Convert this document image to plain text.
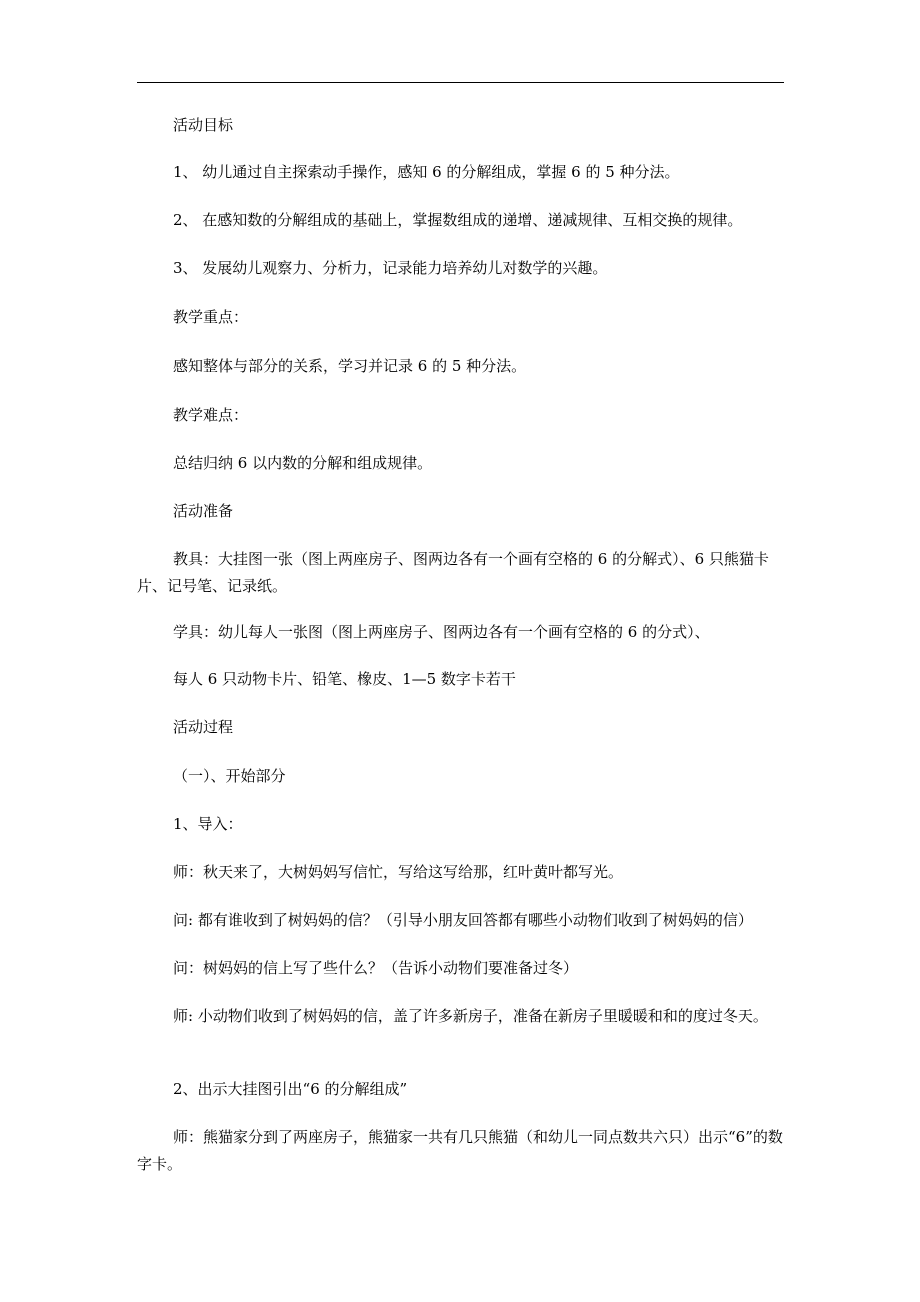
活动目标
1、 幼儿通过自主探索动手操作，感知 6 的分解组成，掌握 6 的 5 种分法。
2、 在感知数的分解组成的基础上，掌握数组成的递增、递减规律、互相交换的规律。
3、 发展幼儿观察力、分析力，记录能力培养幼儿对数学的兴趣。
教学重点：
感知整体与部分的关系，学习并记录 6 的 5 种分法。
教学难点：
总结归纳 6 以内数的分解和组成规律。
活动准备
教具：大挂图一张（图上两座房子、图两边各有一个画有空格的 6 的分解式）、6 只熊猫卡片、记号笔、记录纸。
学具：幼儿每人一张图（图上两座房子、图两边各有一个画有空格的 6 的分式）、
每人 6 只动物卡片、铅笔、橡皮、1—5 数字卡若干
活动过程
（一）、开始部分
1、导入：
师：秋天来了，大树妈妈写信忙，写给这写给那，红叶黄叶都写光。
问: 都有谁收到了树妈妈的信？（引导小朋友回答都有哪些小动物们收到了树妈妈的信）
问：树妈妈的信上写了些什么？（告诉小动物们要准备过冬）
师: 小动物们收到了树妈妈的信，盖了许多新房子，准备在新房子里暖暖和和的度过冬天。
2、出示大挂图引出“6 的分解组成”
师：熊猫家分到了两座房子，熊猫家一共有几只熊猫（和幼儿一同点数共六只）出示“6”的数字卡。
